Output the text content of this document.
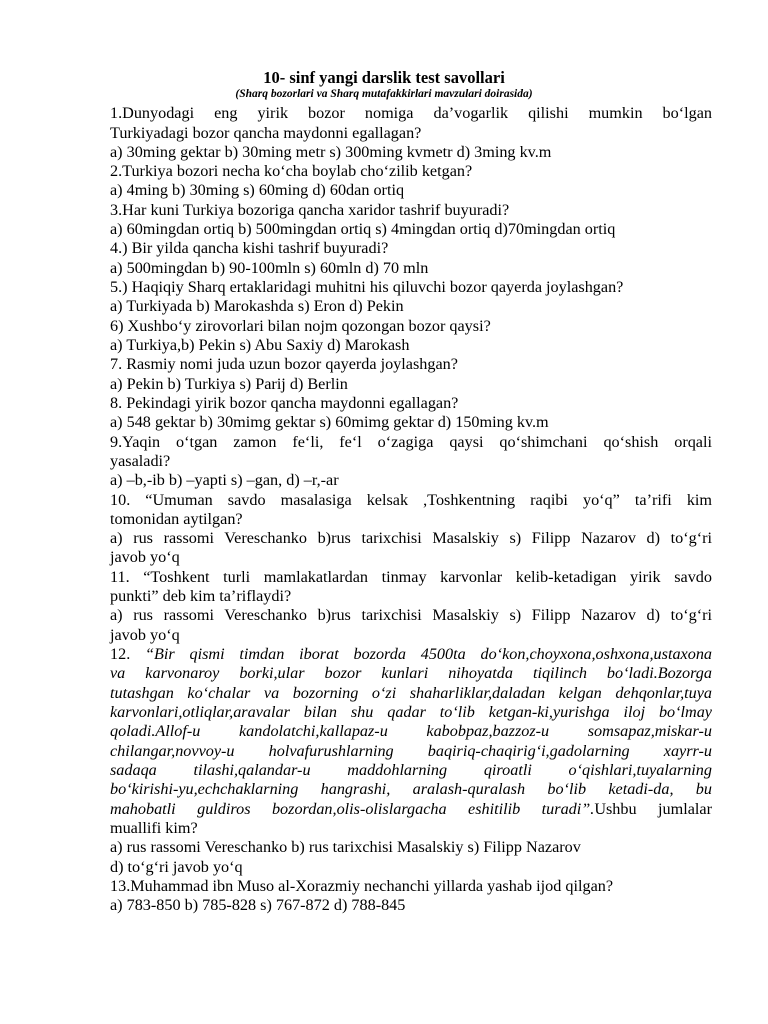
10- sinf yangi darslik test savollari
(Sharq bozorlari va Sharq mutafakkirlari mavzulari doirasida)
1.Dunyodagi eng yirik bozor nomiga da’vogarlik qilishi mumkin bo‘lgan
Turkiyadagi bozor qancha maydonni egallagan?
a) 30ming gektar b) 30ming metr s) 300ming kvmetr d) 3ming kv.m
2.Turkiya bozori necha ko‘cha boylab cho‘zilib ketgan?
a) 4ming b) 30ming s) 60ming d) 60dan ortiq
3.Har kuni Turkiya bozoriga qancha xaridor tashrif buyuradi?
a) 60mingdan ortiq b) 500mingdan ortiq s) 4mingdan ortiq d)70mingdan ortiq
4.) Bir yilda qancha kishi tashrif buyuradi?
a) 500mingdan b) 90-100mln s) 60mln d) 70 mln
5.) Haqiqiy Sharq ertaklaridagi muhitni his qiluvchi bozor qayerda joylashgan?
a) Turkiyada b) Marokashda s) Eron d) Pekin
6) Xushbo‘y zirovorlari bilan nojm qozongan bozor qaysi?
a) Turkiya,b) Pekin s) Abu Saxiy d) Marokash
7. Rasmiy nomi juda uzun bozor qayerda joylashgan?
a) Pekin b) Turkiya s) Parij d) Berlin
8. Pekindagi yirik bozor qancha maydonni egallagan?
a) 548 gektar b) 30mimg gektar s) 60mimg gektar d) 150ming kv.m
9.Yaqin o‘tgan zamon fe‘li, fe‘l o‘zagiga qaysi qo‘shimchani qo‘shish orqali
yasaladi?
a) –b,-ib b) –yapti s) –gan, d) –r,-ar
10. “Umuman savdo masalasiga kelsak ,Toshkentning raqibi yo‘q” ta’rifi kim
tomonidan aytilgan?
a) rus rassomi Vereschanko b)rus tarixchisi Masalskiy s) Filipp Nazarov d) to‘g‘ri
javob yo‘q
11. “Toshkent turli mamlakatlardan tinmay karvonlar kelib-ketadigan yirik savdo
punkti” deb kim ta’riflaydi?
a) rus rassomi Vereschanko b)rus tarixchisi Masalskiy s) Filipp Nazarov d) to‘g‘ri
javob yo‘q
12. “Bir qismi timdan iborat bozorda 4500ta do‘kon,choyxona,oshxona,ustaxona
va karvonaroy borki,ular bozor kunlari nihoyatda tiqilinch bo‘ladi.Bozorga
tutashgan ko‘chalar va bozorning o‘zi shaharliklar,daladan kelgan dehqonlar,tuya
karvonlari,otliqlar,aravalar bilan shu qadar to‘lib ketgan-ki,yurishga iloj bo‘lmay
qoladi.Allof-u kandolatchi,kallapaz-u kabobpaz,bazzoz-u somsapaz,miskar-u
chilangar,novvoy-u holvafurushlarning baqiriq-chaqirig‘i,gadolarning xayrr-u
sadaqa tilashi,qalandar-u maddohlarning qiroatli o‘qishlari,tuyalarning
bo‘kirishi-yu,echchaklarning hangrashi, aralash-quralash bo‘lib ketadi-da, bu
mahobatli guldiros bozordan,olis-olislargacha eshitilib turadi”.Ushbu jumlalar
muallifi kim?
a) rus rassomi Vereschanko b) rus tarixchisi Masalskiy s) Filipp Nazarov
d) to‘g‘ri javob yo‘q
13.Muhammad ibn Muso al-Xorazmiy nechanchi yillarda yashab ijod qilgan?
a) 783-850 b) 785-828 s) 767-872 d) 788-845
